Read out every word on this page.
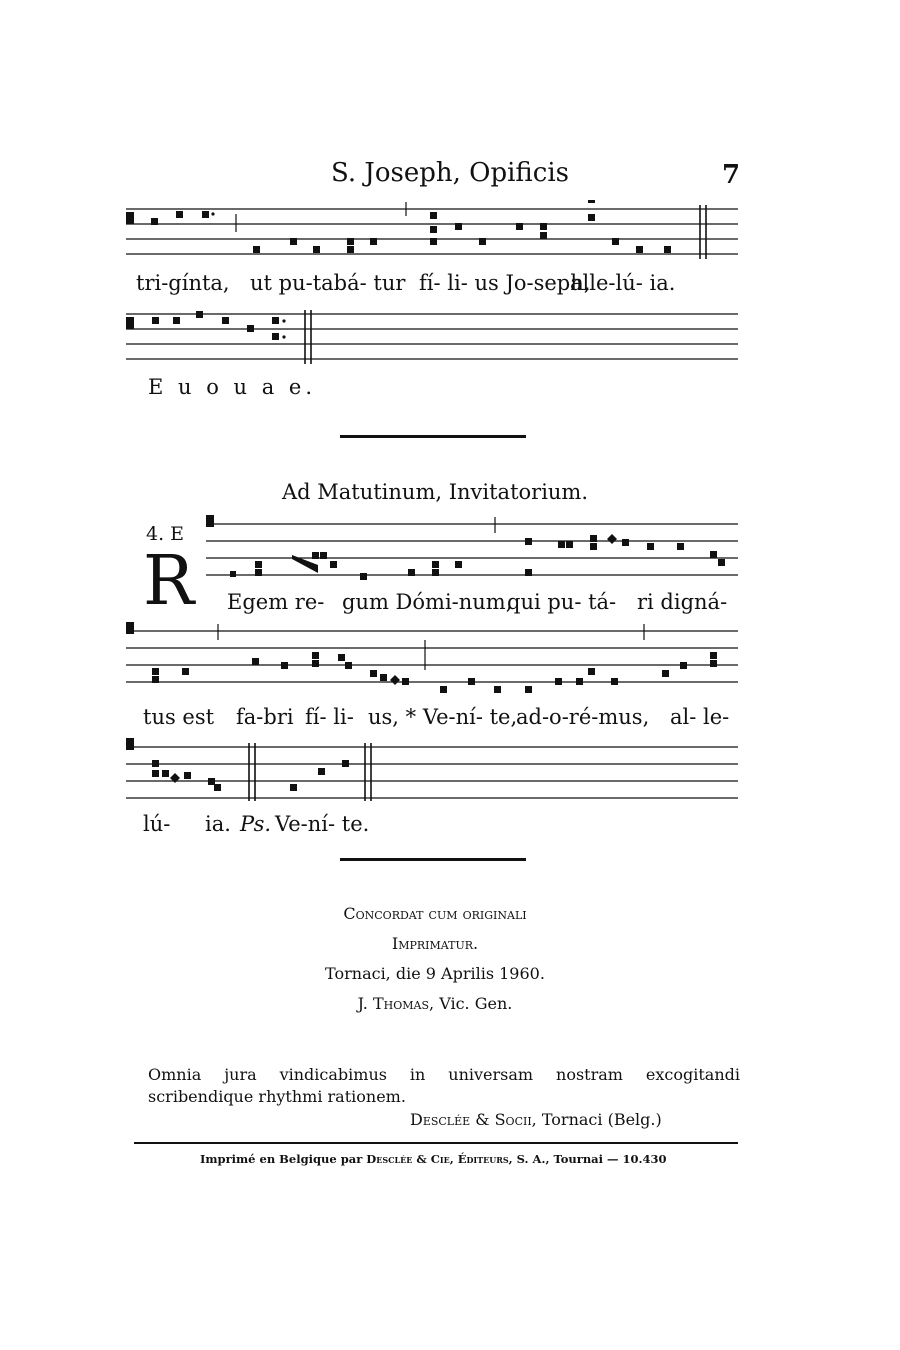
S. Joseph, Opificis	7
tri-gínta, ut pu-tabá- tur fí- li- us Jo-seph,
alle-lú- ia.
E u o u a e.
Ad Matutinum, Invitatorium.
4. E
R Egem re- gum Dómi-num,
qui pu- tá- ri digná-
tus est fa-bri fí- li- us, * Ve-ní- te,
ad-o-ré-mus, al- le-
lú- ia. Ps. Ve-ní- te.
Concordat cum originali
Imprimatur.
Tornaci, die 9 Aprilis 1960.
J. Thomas, Vic. Gen.
Omnia jura vindicabimus in universam nostram excogitandi scribendique rhythmi rationem.
Desclée & Socii, Tornaci (Belg.)
Imprimé en Belgique par Desclée & Cie, Éditeurs, S. A., Tournai — 10.430
